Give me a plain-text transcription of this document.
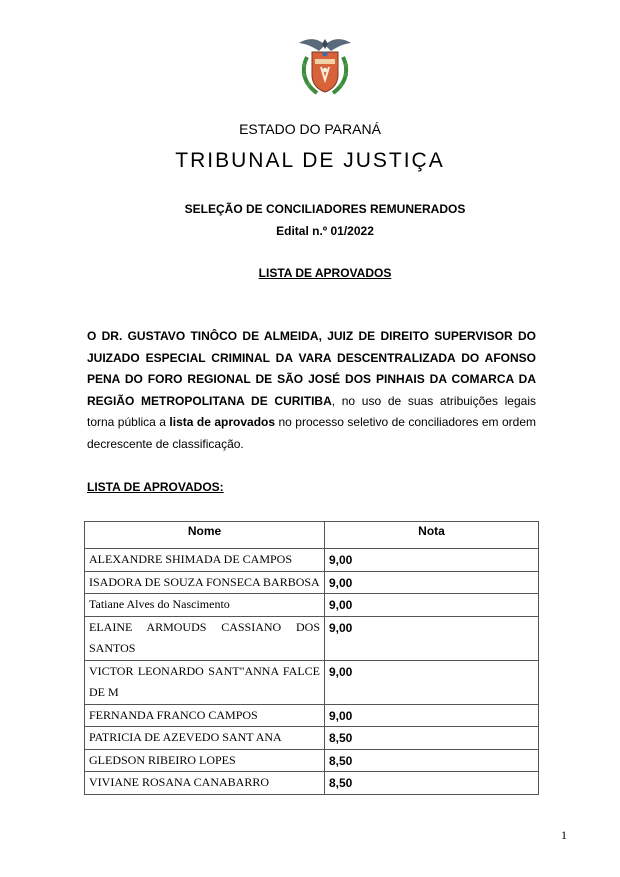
ESTADO DO PARANÁ
TRIBUNAL DE JUSTIÇA
SELEÇÃO DE CONCILIADORES REMUNERADOS
Edital n.º 01/2022
LISTA DE APROVADOS
O DR. GUSTAVO TINÔCO DE ALMEIDA, JUIZ DE DIREITO SUPERVISOR DO JUIZADO ESPECIAL CRIMINAL DA VARA DESCENTRALIZADA DO AFONSO PENA DO FORO REGIONAL DE SÃO JOSÉ DOS PINHAIS DA COMARCA DA REGIÃO METROPOLITANA DE CURITIBA, no uso de suas atribuições legais torna pública a lista de aprovados no processo seletivo de conciliadores em ordem decrescente de classificação.
LISTA DE APROVADOS:
Nome	Nota
ALEXANDRE SHIMADA DE CAMPOS	9,00
ISADORA DE SOUZA FONSECA BARBOSA	9,00
Tatiane Alves do Nascimento	9,00
ELAINE ARMOUDS CASSIANO DOS SANTOS	9,00
VICTOR LEONARDO SANT"ANNA FALCE DE M	9,00
FERNANDA FRANCO CAMPOS	9,00
PATRICIA DE AZEVEDO SANT ANA	8,50
GLEDSON RIBEIRO LOPES	8,50
VIVIANE ROSANA CANABARRO	8,50
1
